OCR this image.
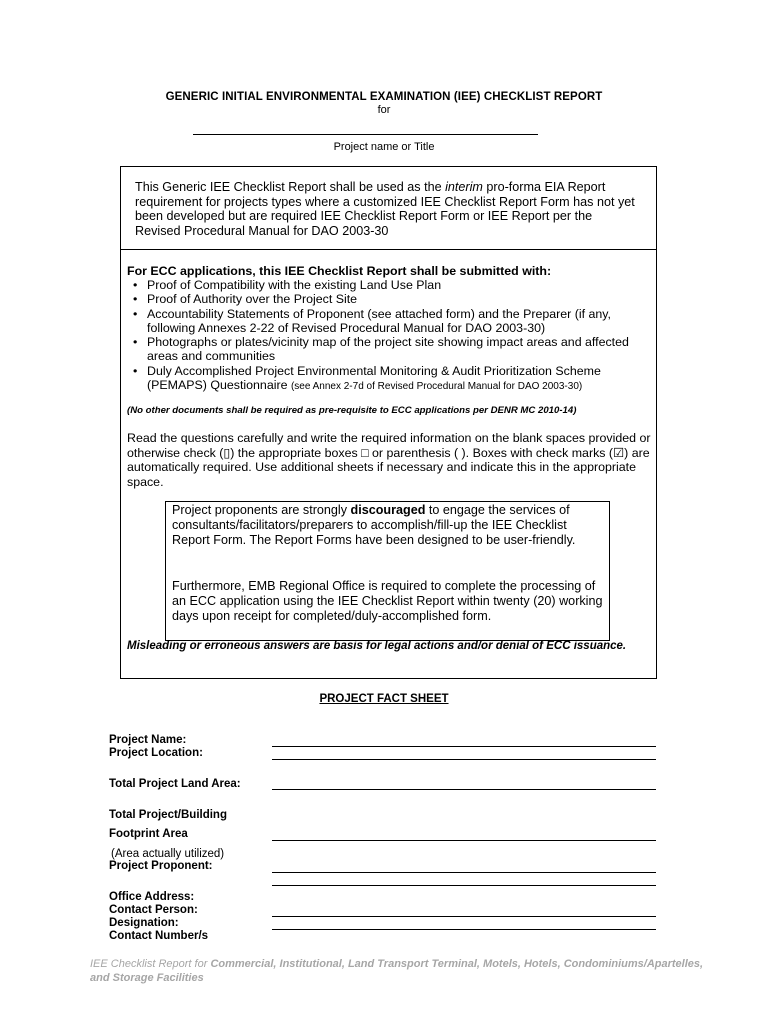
GENERIC INITIAL ENVIRONMENTAL EXAMINATION (IEE) CHECKLIST REPORT
for
Project name or Title
This Generic IEE Checklist Report shall be used as the interim pro-forma EIA Report requirement for projects types where a customized IEE Checklist Report Form has not yet been developed but are required IEE Checklist Report Form or IEE Report per the Revised Procedural Manual for DAO 2003-30
For ECC applications, this IEE Checklist Report shall be submitted with:
• Proof of Compatibility with the existing Land Use Plan
• Proof of Authority over the Project Site
• Accountability Statements of Proponent (see attached form) and the Preparer (if any, following Annexes 2-22 of Revised Procedural Manual for DAO 2003-30)
• Photographs or plates/vicinity map of the project site showing impact areas and affected areas and communities
• Duly Accomplished Project Environmental Monitoring & Audit Prioritization Scheme (PEMAPS) Questionnaire (see Annex 2-7d of Revised Procedural Manual for DAO 2003-30)
(No other documents shall be required as pre-requisite to ECC applications per DENR MC 2010-14)
Read the questions carefully and write the required information on the blank spaces provided or otherwise check (▯) the appropriate boxes □ or parenthesis ( ). Boxes with check marks (☑) are automatically required. Use additional sheets if necessary and indicate this in the appropriate space.
Project proponents are strongly discouraged to engage the services of consultants/facilitators/preparers to accomplish/fill-up the IEE Checklist Report Form. The Report Forms have been designed to be user-friendly.
Furthermore, EMB Regional Office is required to complete the processing of an ECC application using the IEE Checklist Report within twenty (20) working days upon receipt for completed/duly-accomplished form.
Misleading or erroneous answers are basis for legal actions and/or denial of ECC issuance.
PROJECT FACT SHEET
Project Name:
Project Location:
Total Project Land Area:
Total Project/Building
Footprint Area
(Area actually utilized)
Project Proponent:
Office Address:
Contact Person:
Designation:
Contact Number/s
IEE Checklist Report for Commercial, Institutional, Land Transport Terminal, Motels, Hotels, Condominiums/Apartelles, and Storage Facilities
